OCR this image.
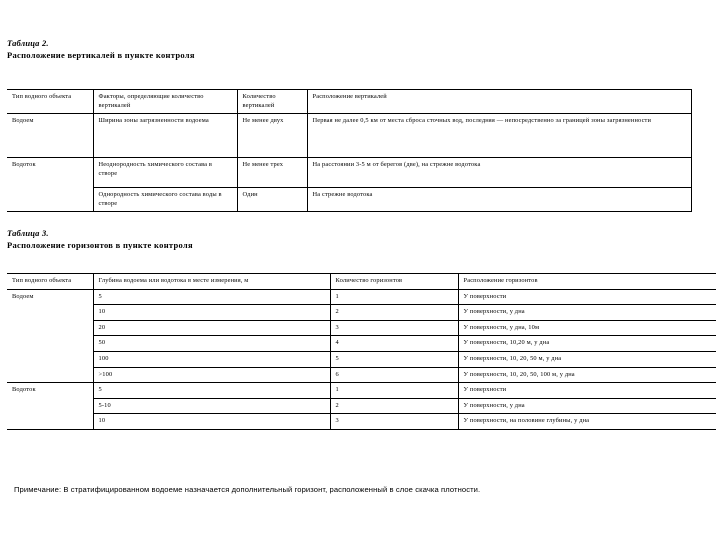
Таблица 2.
Расположение вертикалей в пункте контроля
Тип водного объекта	Факторы, определяющие количество вертикалей	Количество вертикалей	Расположение вертикалей
Водоем	Ширина зоны загрязненности водоема	Не менее двух	Первая не далее 0,5 км от места сброса сточных вод, последняя — непосредственно за границей зоны загрязненности
Водоток	Неоднородность химического состава в створе	Не менее трех	На расстоянии 3-5 м от берегов (две), на стрежне водотока
	Однородность химического состава воды в створе	Один	На стрежне водотока
Таблица 3.
Расположение горизонтов в пункте контроля
Тип водного объекта	Глубина водоема или водотока в месте измерения, м	Количество горизонтов	Расположение горизонтов
Водоем	5	1	У поверхности
	10	2	У поверхности, у дна
	20	3	У поверхности, у дна, 10м
	50	4	У поверхности, 10,20 м, у дна
	100	5	У поверхности, 10, 20, 50 м, у дна
	>100	6	У поверхности, 10, 20, 50, 100 м, у дна
Водоток	5	1	У поверхности
	5-10	2	У поверхности, у дна
	10	3	У поверхности, на половине глубины, у дна
Примечание: В стратифицированном водоеме назначается дополнительный горизонт, расположенный в слое скачка плотности.
